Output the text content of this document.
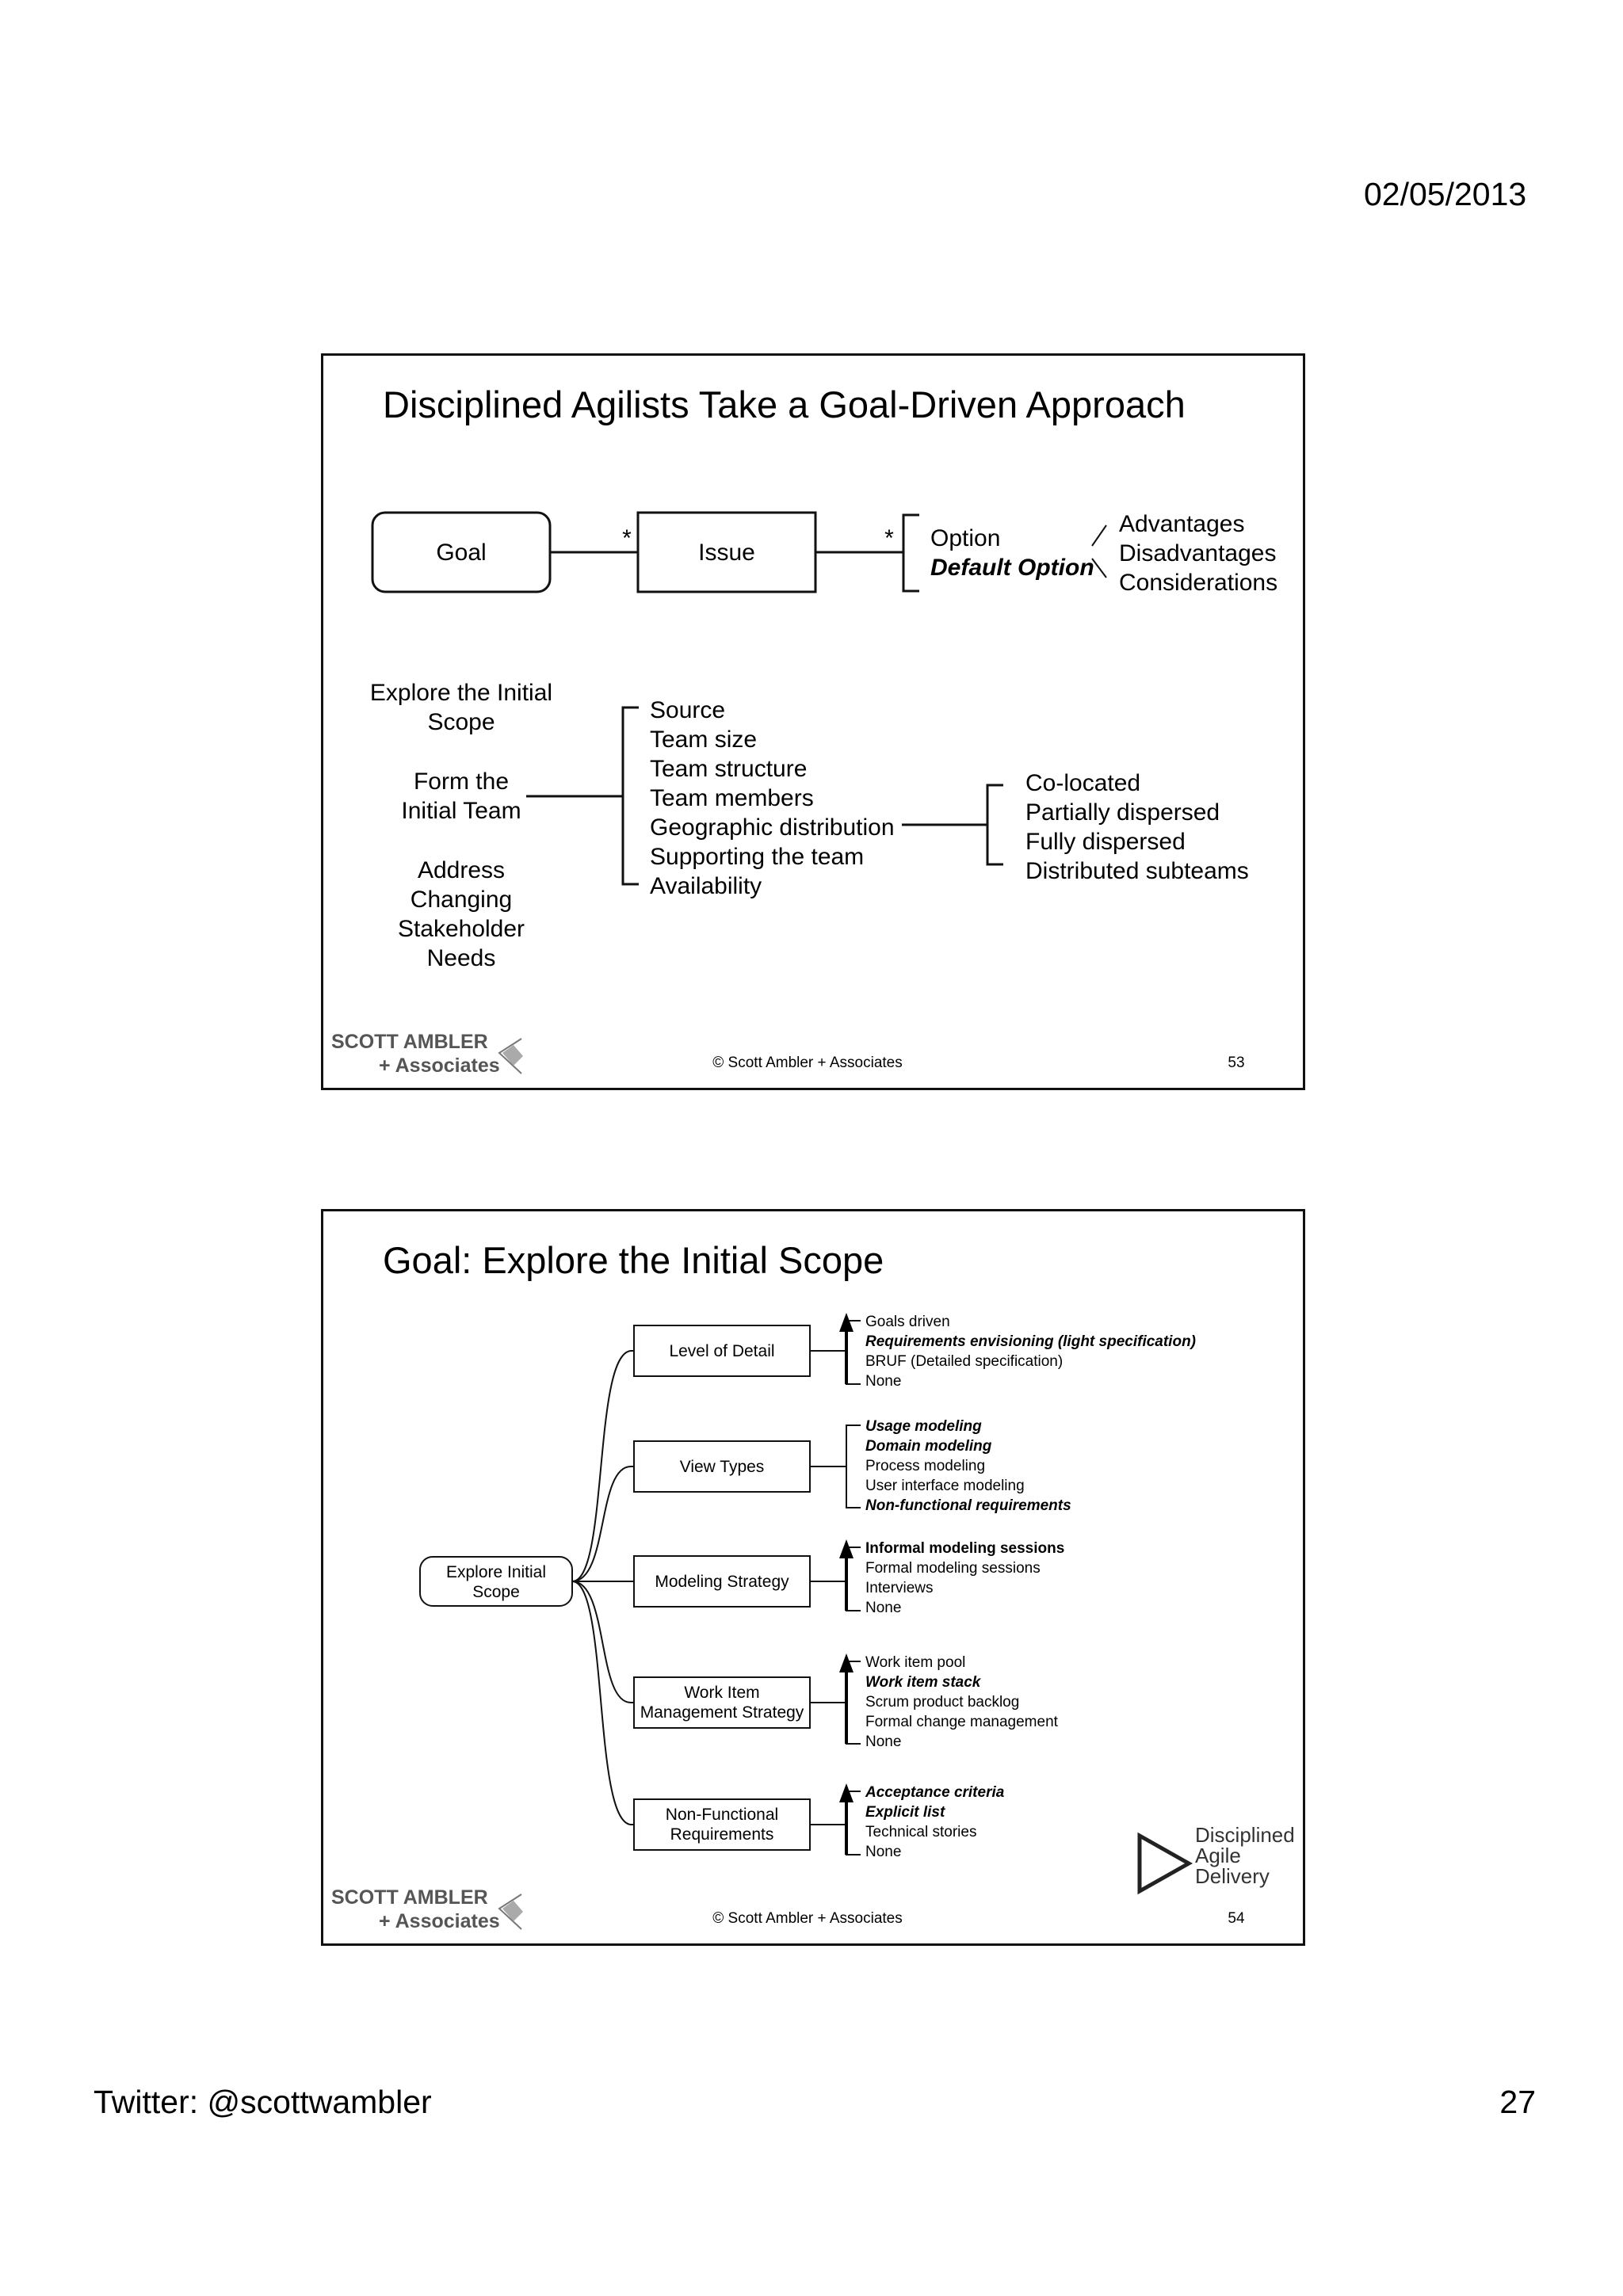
02/05/2013
Disciplined Agilists Take a Goal-Driven Approach
Goal
*
Issue
* Option
Default Option
Advantages
Disadvantages
Considerations
Explore the Initial
Scope
Form the
Initial Team
Address
Changing
Stakeholder
Needs
Source
Team size
Team structure
Team members
Geographic distribution
Supporting the team
Availability
Co-located
Partially dispersed
Fully dispersed
Distributed subteams
SCOTT AMBLER
+ Associates	© Scott Ambler + Associates	53
Goal: Explore the Initial Scope
Explore Initial
Scope
Level of Detail
Goals driven
Requirements envisioning (light specification)
BRUF (Detailed specification)
None
View Types
Usage modeling
Domain modeling
Process modeling
User interface modeling
Non-functional requirements
Modeling Strategy
Informal modeling sessions
Formal modeling sessions
Interviews
None
Work Item
Management Strategy
Work item pool
Work item stack
Scrum product backlog
Formal change management
None
Non-Functional
Requirements
Acceptance criteria
Explicit list
Technical stories
None
Disciplined
Agile
Delivery
SCOTT AMBLER
+ Associates	© Scott Ambler + Associates	54
Twitter: @scottwambler	27
